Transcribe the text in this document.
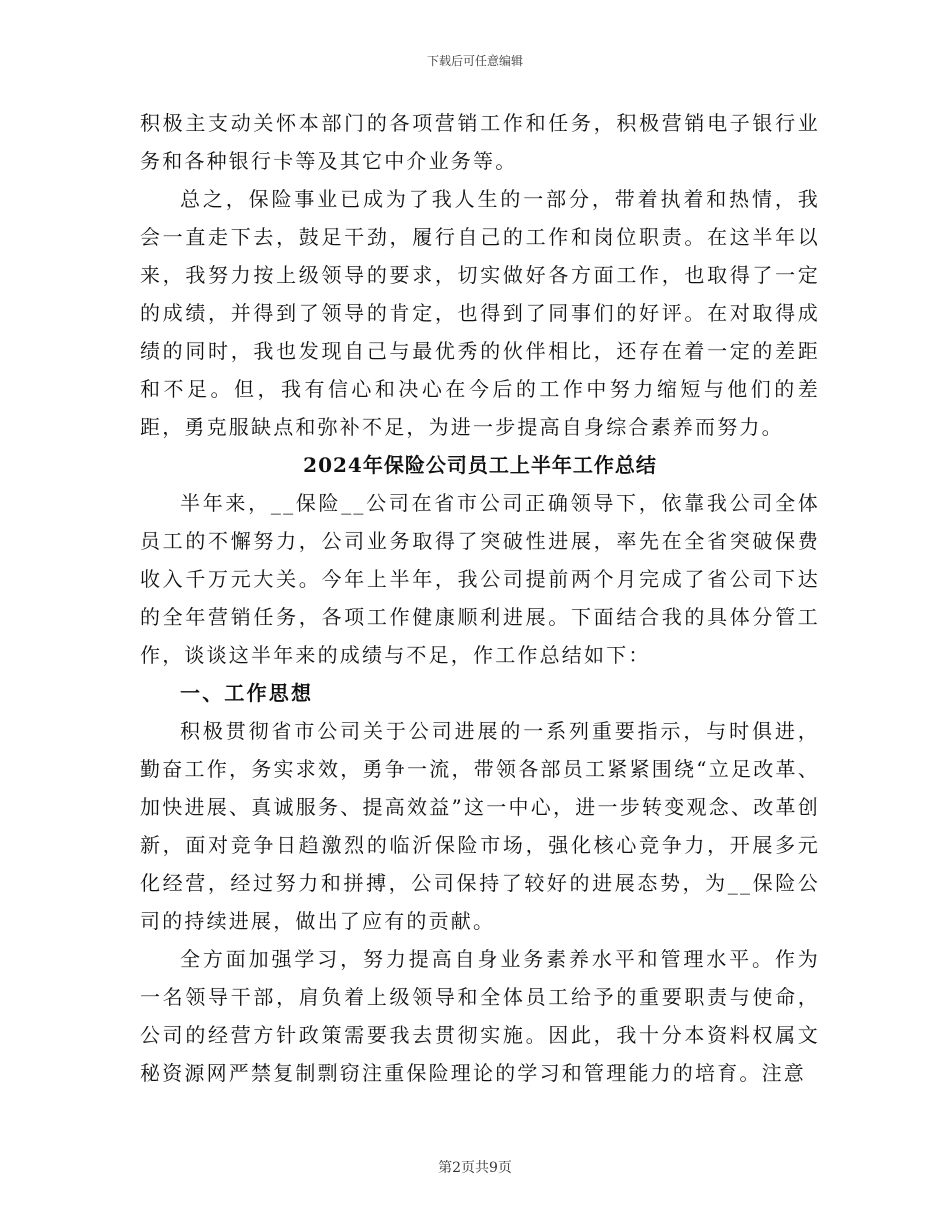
下载后可任意编辑

积极主支动关怀本部门的各项营销工作和任务，积极营销电子银行业务和各种银行卡等及其它中介业务等。

总之，保险事业已成为了我人生的一部分，带着执着和热情，我会一直走下去，鼓足干劲，履行自己的工作和岗位职责。在这半年以来，我努力按上级领导的要求，切实做好各方面工作，也取得了一定的成绩，并得到了领导的肯定，也得到了同事们的好评。在对取得成绩的同时，我也发现自己与最优秀的伙伴相比，还存在着一定的差距和不足。但，我有信心和决心在今后的工作中努力缩短与他们的差距，勇克服缺点和弥补不足，为进一步提高自身综合素养而努力。

2024年保险公司员工上半年工作总结

半年来，__保险__公司在省市公司正确领导下，依靠我公司全体员工的不懈努力，公司业务取得了突破性进展，率先在全省突破保费收入千万元大关。今年上半年，我公司提前两个月完成了省公司下达的全年营销任务，各项工作健康顺利进展。下面结合我的具体分管工作，谈谈这半年来的成绩与不足，作工作总结如下：

一、工作思想

积极贯彻省市公司关于公司进展的一系列重要指示，与时俱进，勤奋工作，务实求效，勇争一流，带领各部员工紧紧围绕“立足改革、加快进展、真诚服务、提高效益”这一中心，进一步转变观念、改革创新，面对竞争日趋激烈的临沂保险市场，强化核心竞争力，开展多元化经营，经过努力和拼搏，公司保持了较好的进展态势，为__保险公司的持续进展，做出了应有的贡献。

全方面加强学习，努力提高自身业务素养水平和管理水平。作为一名领导干部，肩负着上级领导和全体员工给予的重要职责与使命，公司的经营方针政策需要我去贯彻实施。因此，我十分本资料权属文秘资源网严禁复制剽窃注重保险理论的学习和管理能力的培育。注意

第2页共9页
